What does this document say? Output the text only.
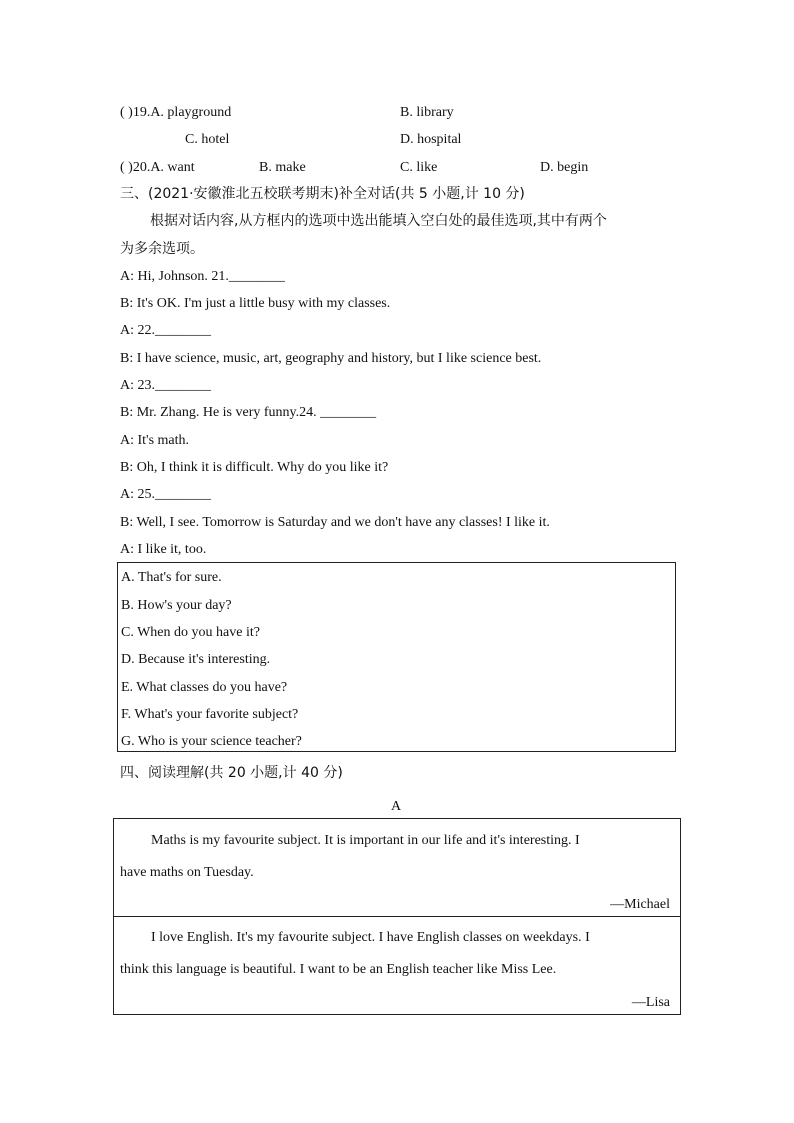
( )19.A. playground	B. library
C. hotel	D. hospital
( )20.A. want	B. make	C. like	D. begin
三、(2021·安徽淮北五校联考期末)补全对话(共 5 小题,计 10 分)
根据对话内容,从方框内的选项中选出能填入空白处的最佳选项,其中有两个
为多余选项。
A: Hi, Johnson. 21.________
B: It's OK. I'm just a little busy with my classes.
A: 22.________
B: I have science, music, art, geography and history, but I like science best.
A: 23.________
B: Mr. Zhang. He is very funny.24. ________
A: It's math.
B: Oh, I think it is difficult. Why do you like it?
A: 25.________
B: Well, I see. Tomorrow is Saturday and we don't have any classes! I like it.
A: I like it, too.
A. That's for sure.
B. How's your day?
C. When do you have it?
D. Because it's interesting.
E. What classes do you have?
F. What's your favorite subject?
G. Who is your science teacher?
四、阅读理解(共 20 小题,计 40 分)
A
Maths is my favourite subject. It is important in our life and it's interesting. I
have maths on Tuesday.
—Michael
I love English. It's my favourite subject. I have English classes on weekdays. I
think this language is beautiful. I want to be an English teacher like Miss Lee.
—Lisa
